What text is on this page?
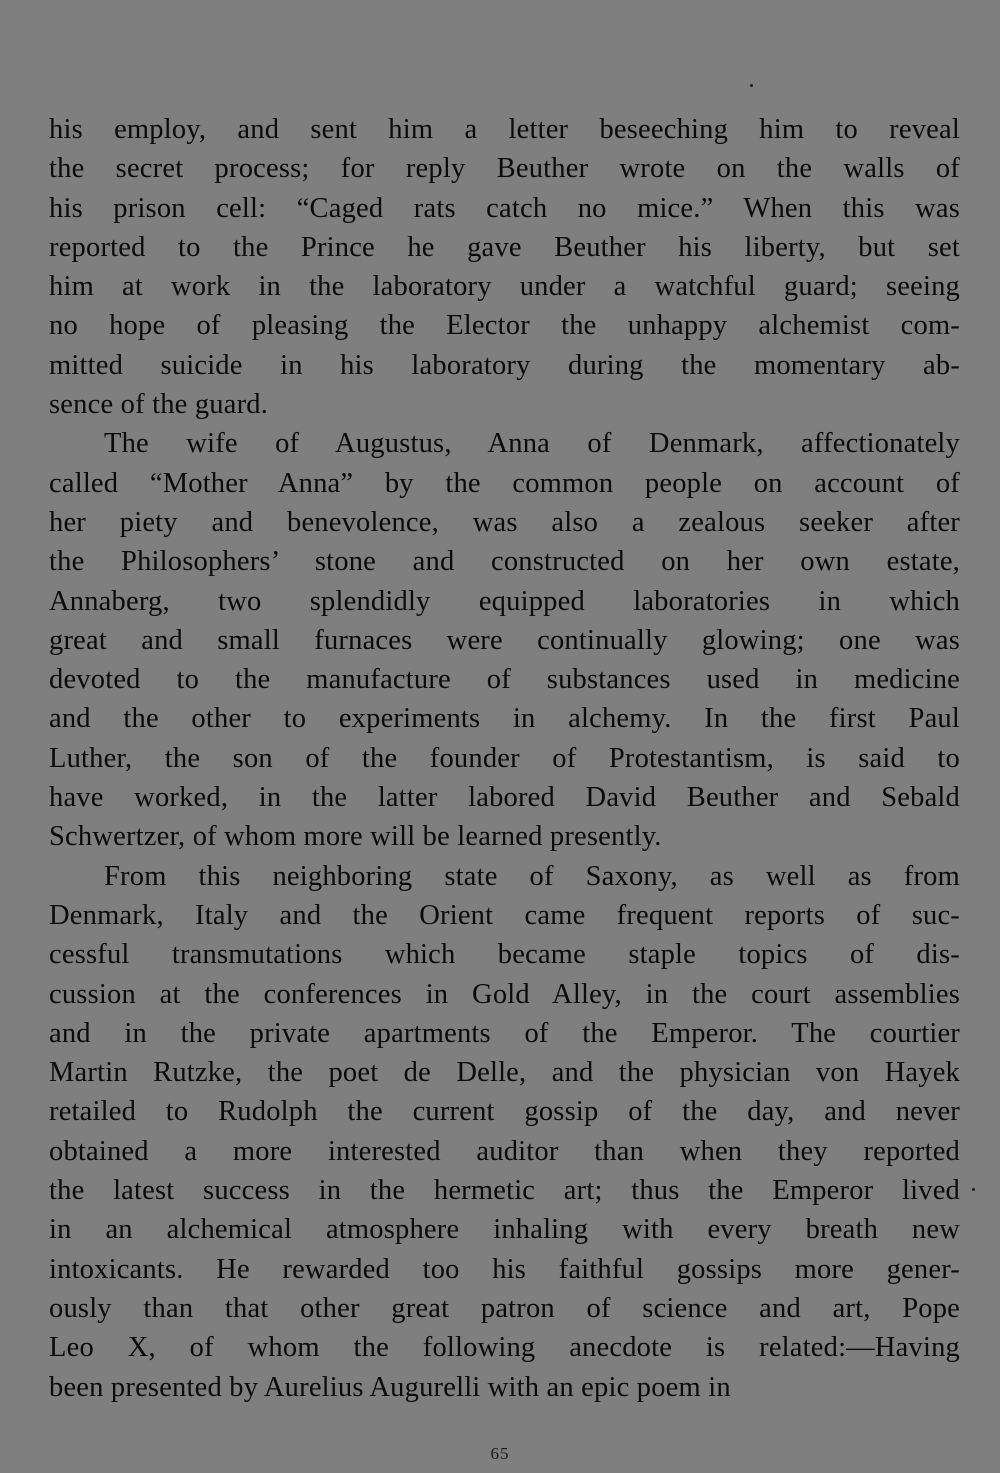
his employ, and sent him a letter beseeching him to reveal
the secret process; for reply Beuther wrote on the walls of
his prison cell: “Caged rats catch no mice.” When this was
reported to the Prince he gave Beuther his liberty, but set
him at work in the laboratory under a watchful guard; seeing
no hope of pleasing the Elector the unhappy alchemist com-
mitted suicide in his laboratory during the momentary ab-
sence of the guard.

The wife of Augustus, Anna of Denmark, affectionately
called “Mother Anna” by the common people on account of
her piety and benevolence, was also a zealous seeker after
the Philosophers’ stone and constructed on her own estate,
Annaberg, two splendidly equipped laboratories in which
great and small furnaces were continually glowing; one was
devoted to the manufacture of substances used in medicine
and the other to experiments in alchemy. In the first Paul
Luther, the son of the founder of Protestantism, is said to
have worked, in the latter labored David Beuther and Sebald
Schwertzer, of whom more will be learned presently.

From this neighboring state of Saxony, as well as from
Denmark, Italy and the Orient came frequent reports of suc-
cessful transmutations which became staple topics of dis-
cussion at the conferences in Gold Alley, in the court assemblies
and in the private apartments of the Emperor. The courtier
Martin Rutzke, the poet de Delle, and the physician von Hayek
retailed to Rudolph the current gossip of the day, and never
obtained a more interested auditor than when they reported
the latest success in the hermetic art; thus the Emperor lived
in an alchemical atmosphere inhaling with every breath new
intoxicants. He rewarded too his faithful gossips more gener-
ously than that other great patron of science and art, Pope
Leo X, of whom the following anecdote is related:—Having
been presented by Aurelius Augurelli with an epic poem in

65
